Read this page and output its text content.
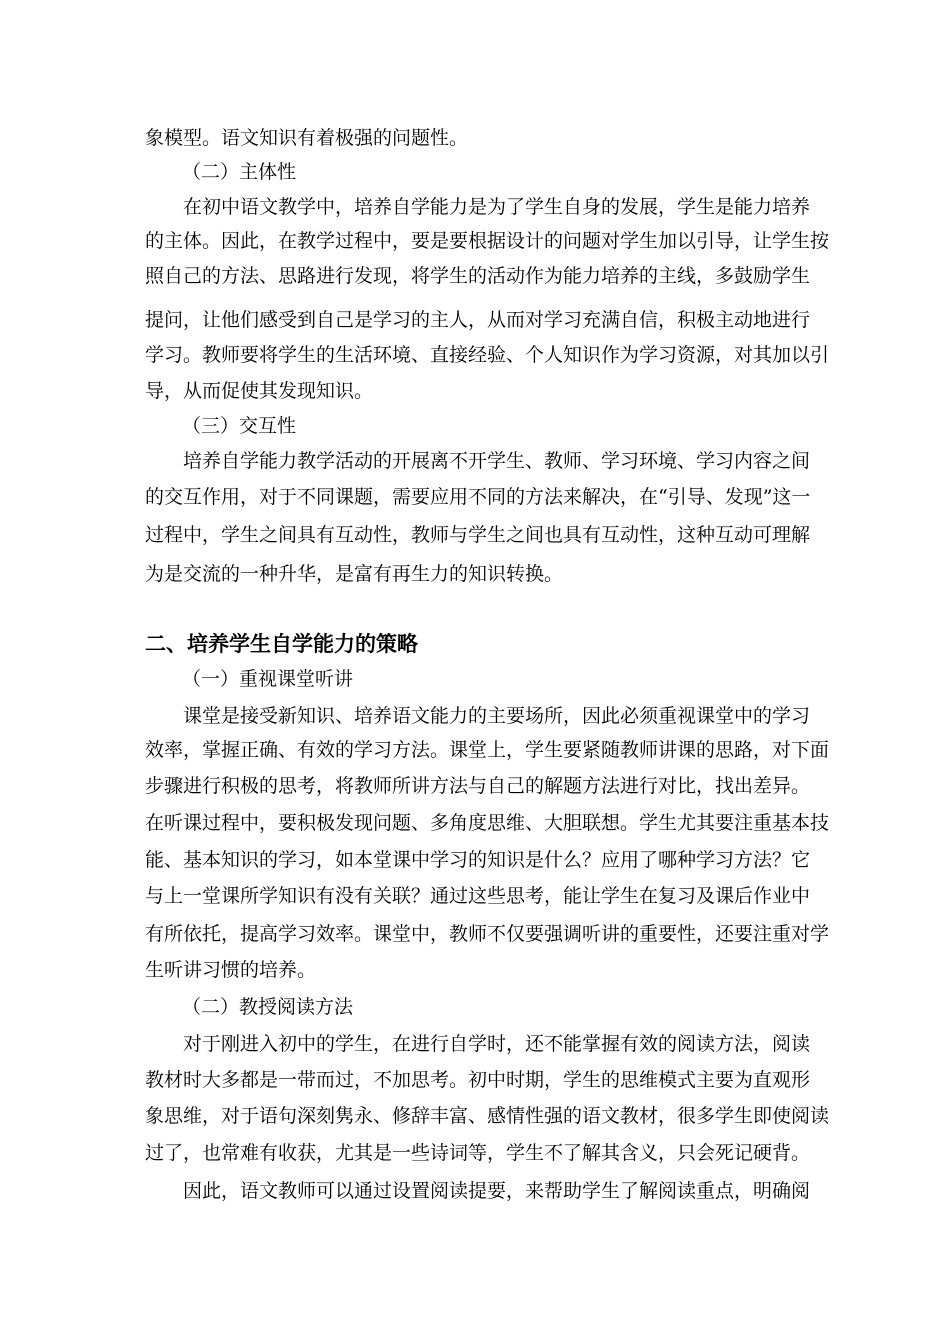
象模型。语文知识有着极强的问题性。
（二）主体性
在初中语文教学中，培养自学能力是为了学生自身的发展，学生是能力培养
的主体。因此，在教学过程中，要是要根据设计的问题对学生加以引导，让学生按
照自己的方法、思路进行发现，将学生的活动作为能力培养的主线，多鼓励学生
提问，让他们感受到自己是学习的主人，从而对学习充满自信，积极主动地进行
学习。教师要将学生的生活环境、直接经验、个人知识作为学习资源，对其加以引
导，从而促使其发现知识。
（三）交互性
培养自学能力教学活动的开展离不开学生、教师、学习环境、学习内容之间
的交互作用，对于不同课题，需要应用不同的方法来解决，在“引导、发现”这一
过程中，学生之间具有互动性，教师与学生之间也具有互动性，这种互动可理解
为是交流的一种升华，是富有再生力的知识转换。
二、培养学生自学能力的策略
（一）重视课堂听讲
课堂是接受新知识、培养语文能力的主要场所，因此必须重视课堂中的学习
效率，掌握正确、有效的学习方法。课堂上，学生要紧随教师讲课的思路，对下面
步骤进行积极的思考，将教师所讲方法与自己的解题方法进行对比，找出差异。
在听课过程中，要积极发现问题、多角度思维、大胆联想。学生尤其要注重基本技
能、基本知识的学习，如本堂课中学习的知识是什么？应用了哪种学习方法？它
与上一堂课所学知识有没有关联？通过这些思考，能让学生在复习及课后作业中
有所依托，提高学习效率。课堂中，教师不仅要强调听讲的重要性，还要注重对学
生听讲习惯的培养。
（二）教授阅读方法
对于刚进入初中的学生，在进行自学时，还不能掌握有效的阅读方法，阅读
教材时大多都是一带而过，不加思考。初中时期，学生的思维模式主要为直观形
象思维，对于语句深刻隽永、修辞丰富、感情性强的语文教材，很多学生即使阅读
过了，也常难有收获，尤其是一些诗词等，学生不了解其含义，只会死记硬背。
因此，语文教师可以通过设置阅读提要，来帮助学生了解阅读重点，明确阅
